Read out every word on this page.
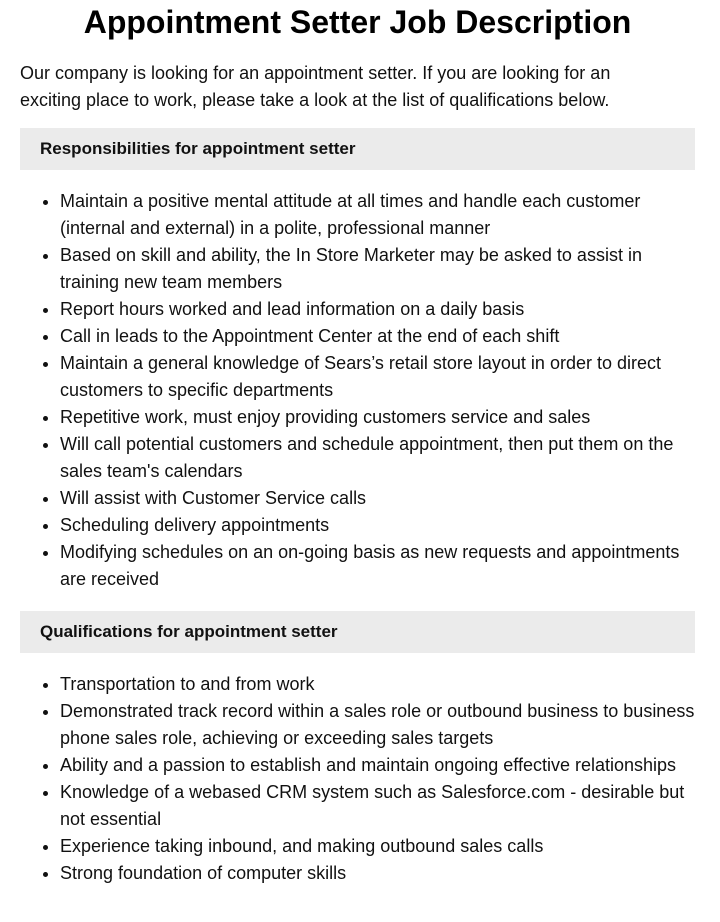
Appointment Setter Job Description

Our company is looking for an appointment setter. If you are looking for an exciting place to work, please take a look at the list of qualifications below.

Responsibilities for appointment setter
• Maintain a positive mental attitude at all times and handle each customer (internal and external) in a polite, professional manner
• Based on skill and ability, the In Store Marketer may be asked to assist in training new team members
• Report hours worked and lead information on a daily basis
• Call in leads to the Appointment Center at the end of each shift
• Maintain a general knowledge of Sears’s retail store layout in order to direct customers to specific departments
• Repetitive work, must enjoy providing customers service and sales
• Will call potential customers and schedule appointment, then put them on the sales team's calendars
• Will assist with Customer Service calls
• Scheduling delivery appointments
• Modifying schedules on an on-going basis as new requests and appointments are received
Qualifications for appointment setter
• Transportation to and from work
• Demonstrated track record within a sales role or outbound business to business phone sales role, achieving or exceeding sales targets
• Ability and a passion to establish and maintain ongoing effective relationships
• Knowledge of a webased CRM system such as Salesforce.com - desirable but not essential
• Experience taking inbound, and making outbound sales calls
• Strong foundation of computer skills
